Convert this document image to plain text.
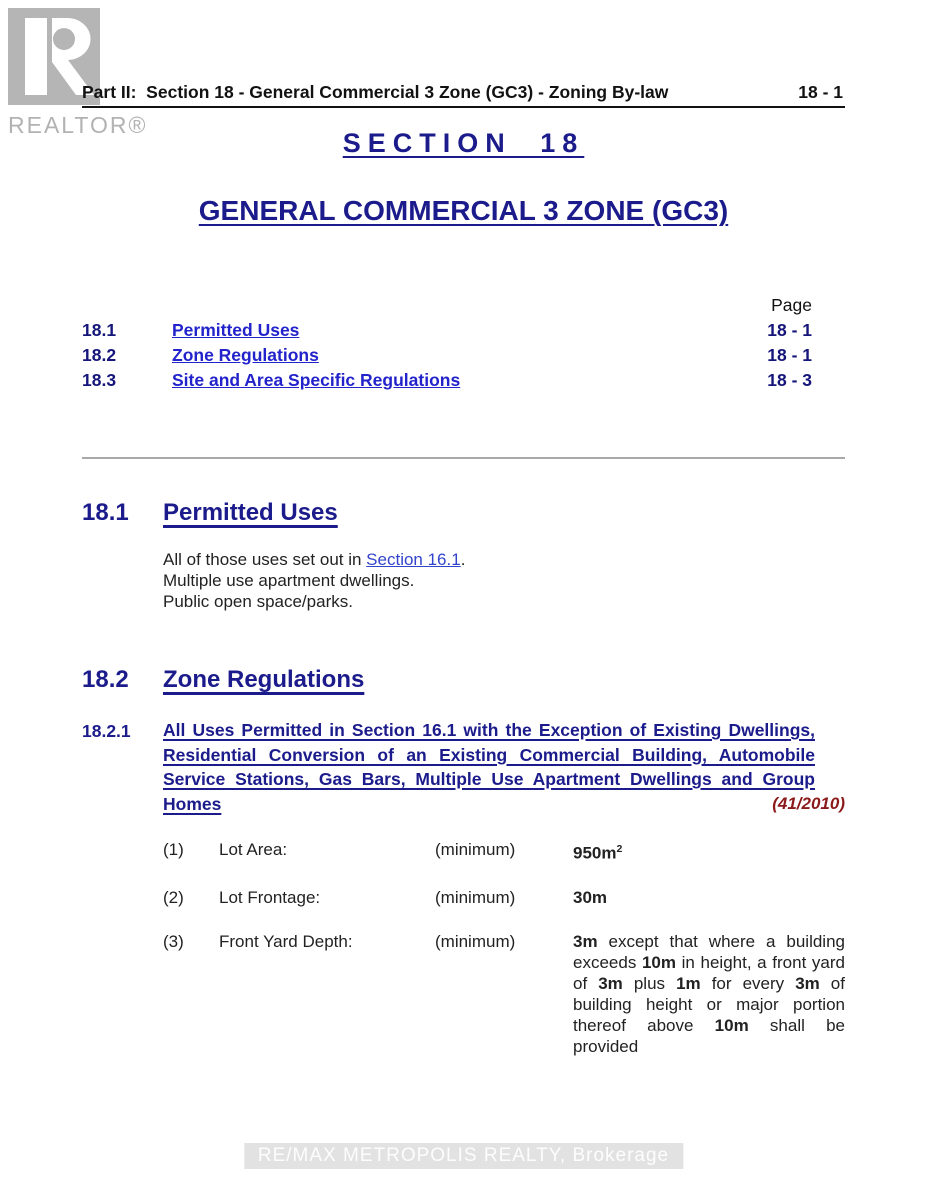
REALTOR®
Part II:  Section 18 - General Commercial 3 Zone (GC3) - Zoning By-law	18 - 1
SECTION 18
GENERAL COMMERCIAL 3 ZONE (GC3)
Page
18.1	Permitted Uses	18 - 1
18.2	Zone Regulations	18 - 1
18.3	Site and Area Specific Regulations	18 - 3
18.1	Permitted Uses
All of those uses set out in Section 16.1.
Multiple use apartment dwellings.
Public open space/parks.
18.2	Zone Regulations
18.2.1	All Uses Permitted in Section 16.1 with the Exception of Existing Dwellings, Residential Conversion of an Existing Commercial Building, Automobile Service Stations, Gas Bars, Multiple Use Apartment Dwellings and Group Homes	(41/2010)
(1)	Lot Area:	(minimum)	$950m^2$
(2)	Lot Frontage:	(minimum)	30m
(3)	Front Yard Depth:	(minimum)	3m except that where a building exceeds 10m in height, a front yard of 3m plus 1m for every 3m of building height or major portion thereof above 10m shall be provided
RE/MAX METROPOLIS REALTY, Brokerage
